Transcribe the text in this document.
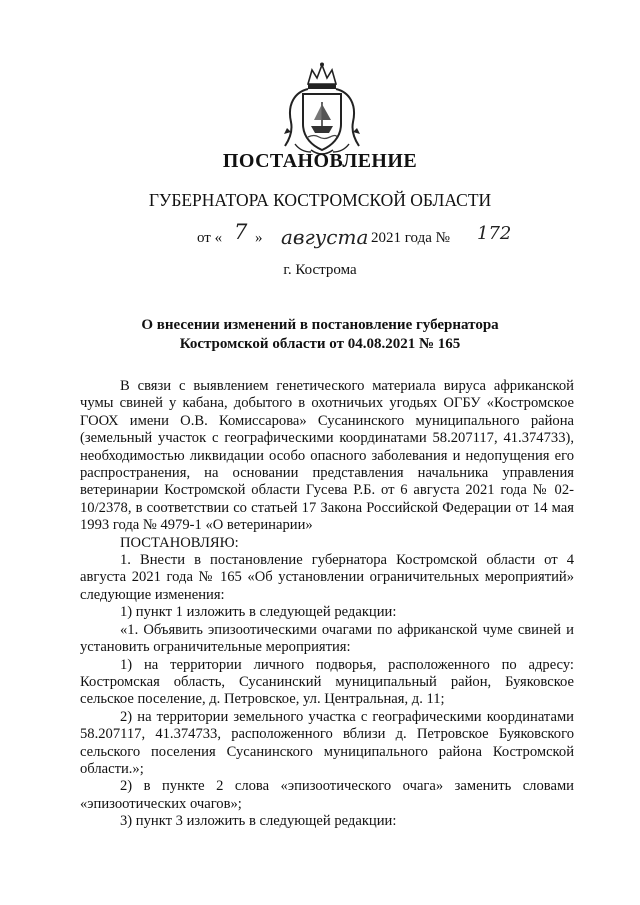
ПОСТАНОВЛЕНИЕ
ГУБЕРНАТОРА КОСТРОМСКОЙ ОБЛАСТИ
от « 7 » августа 2021 года № 172
г. Кострома
О внесении изменений в постановление губернатора
Костромской области от 04.08.2021 № 165

В связи с выявлением генетического материала вируса африканской чумы свиней у кабана, добытого в охотничьих угодьях ОГБУ «Костромское ГООХ имени О.В. Комиссарова» Сусанинского муниципального района (земельный участок с географическими координатами 58.207117, 41.374733), необходимостью ликвидации особо опасного заболевания и недопущения его распространения, на основании представления начальника управления ветеринарии Костромской области Гусева Р.Б. от 6 августа 2021 года № 02-10/2378, в соответствии со статьей 17 Закона Российской Федерации от 14 мая 1993 года № 4979-1 «О ветеринарии»

ПОСТАНОВЛЯЮ:

1. Внести в постановление губернатора Костромской области от 4 августа 2021 года № 165 «Об установлении ограничительных мероприятий» следующие изменения:

1) пункт 1 изложить в следующей редакции:

«1. Объявить эпизоотическими очагами по африканской чуме свиней и установить ограничительные мероприятия:

1) на территории личного подворья, расположенного по адресу: Костромская область, Сусанинский муниципальный район, Буяковское сельское поселение, д. Петровское, ул. Центральная, д. 11;

2) на территории земельного участка с географическими координатами 58.207117, 41.374733, расположенного вблизи д. Петровское Буяковского сельского поселения Сусанинского муниципального района Костромской области.»;

2) в пункте 2 слова «эпизоотического очага» заменить словами «эпизоотических очагов»;

3) пункт 3 изложить в следующей редакции:
